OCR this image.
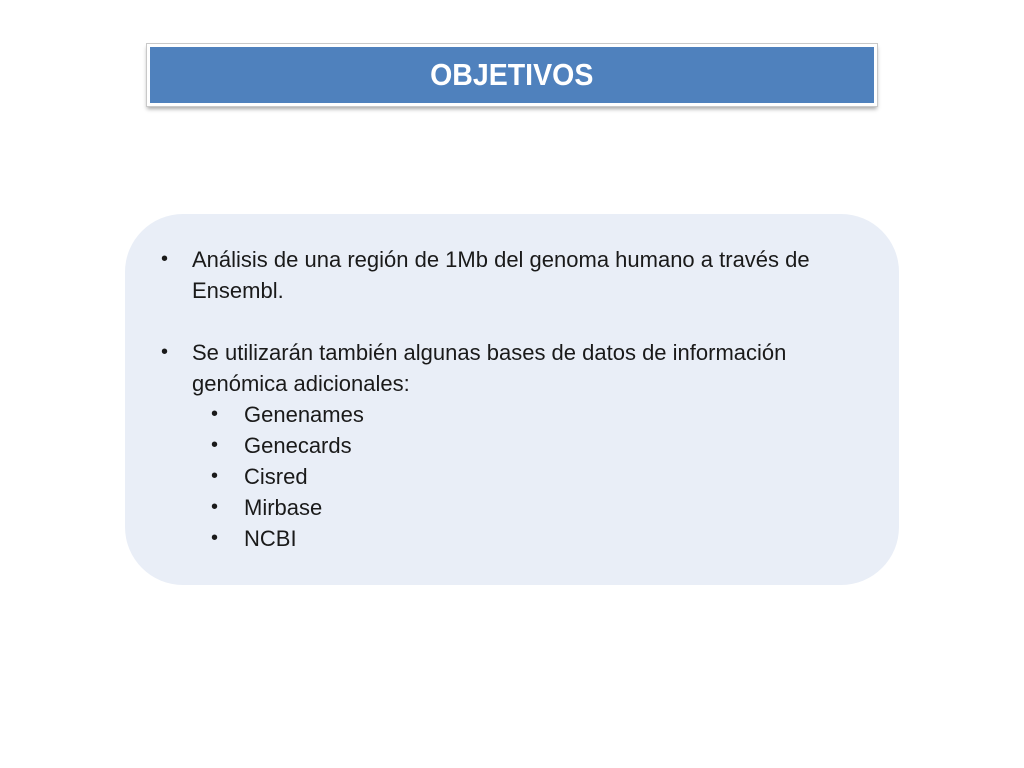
OBJETIVOS
• Análisis de una región de 1Mb del genoma humano a través de Ensembl.
• Se utilizarán también algunas bases de datos de información genómica adicionales:
• Genenames
• Genecards
• Cisred
• Mirbase
• NCBI
